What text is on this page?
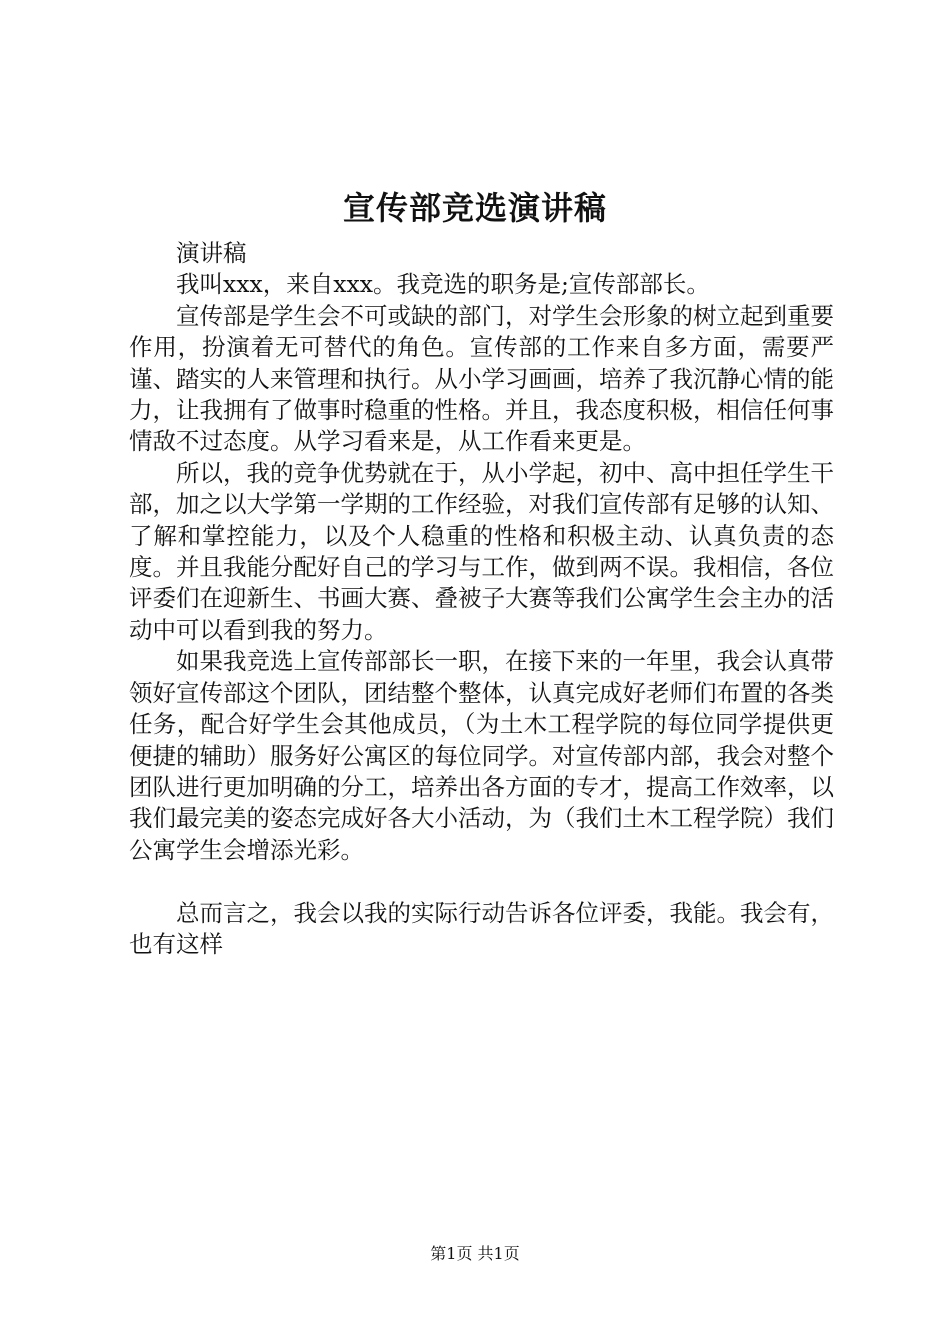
宣传部竞选演讲稿

演讲稿

我叫xxx，来自xxx。我竞选的职务是;宣传部部长。

宣传部是学生会不可或缺的部门，对学生会形象的树立起到重要作用，扮演着无可替代的角色。宣传部的工作来自多方面，需要严谨、踏实的人来管理和执行。从小学习画画，培养了我沉静心情的能力，让我拥有了做事时稳重的性格。并且，我态度积极，相信任何事情敌不过态度。从学习看来是，从工作看来更是。

所以，我的竞争优势就在于，从小学起，初中、高中担任学生干部，加之以大学第一学期的工作经验，对我们宣传部有足够的认知、了解和掌控能力，以及个人稳重的性格和积极主动、认真负责的态度。并且我能分配好自己的学习与工作，做到两不误。我相信，各位评委们在迎新生、书画大赛、叠被子大赛等我们公寓学生会主办的活动中可以看到我的努力。

如果我竞选上宣传部部长一职，在接下来的一年里，我会认真带领好宣传部这个团队，团结整个整体，认真完成好老师们布置的各类任务，配合好学生会其他成员，（为土木工程学院的每位同学提供更便捷的辅助）服务好公寓区的每位同学。对宣传部内部，我会对整个团队进行更加明确的分工，培养出各方面的专才，提高工作效率，以我们最完美的姿态完成好各大小活动，为（我们土木工程学院）我们公寓学生会增添光彩。

总而言之，我会以我的实际行动告诉各位评委，我能。我会有，也有这样

第1页 共1页
